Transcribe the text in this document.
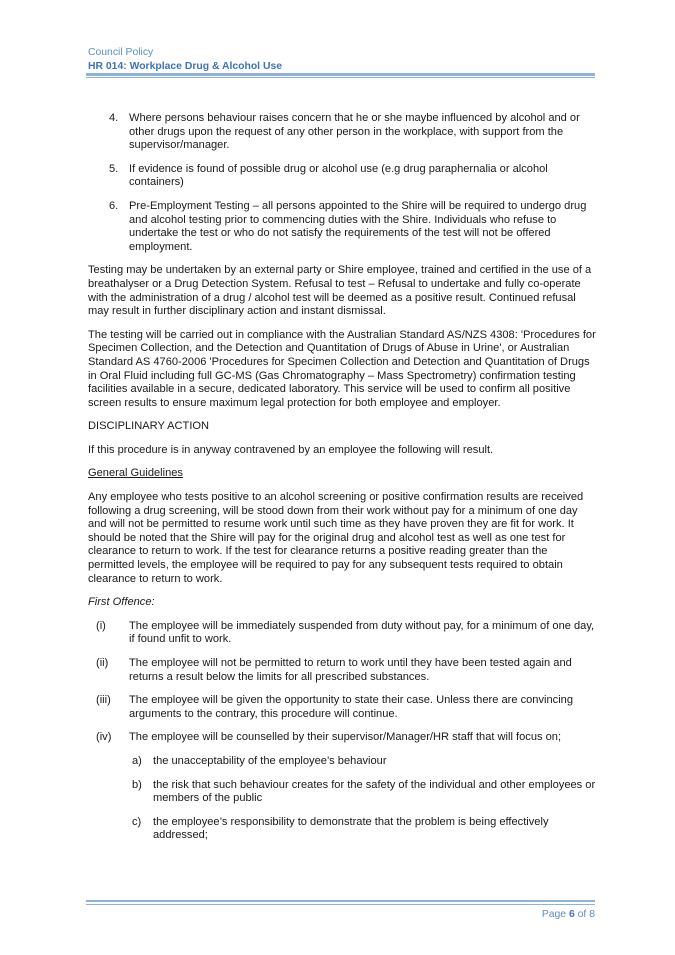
Council Policy
HR 014: Workplace Drug & Alcohol Use
4. Where persons behaviour raises concern that he or she maybe influenced by alcohol and or other drugs upon the request of any other person in the workplace, with support from the supervisor/manager.
5. If evidence is found of possible drug or alcohol use (e.g drug paraphernalia or alcohol containers)
6. Pre-Employment Testing – all persons appointed to the Shire will be required to undergo drug and alcohol testing prior to commencing duties with the Shire. Individuals who refuse to undertake the test or who do not satisfy the requirements of the test will not be offered employment.

Testing may be undertaken by an external party or Shire employee, trained and certified in the use of a breathalyser or a Drug Detection System. Refusal to test – Refusal to undertake and fully co-operate with the administration of a drug / alcohol test will be deemed as a positive result. Continued refusal may result in further disciplinary action and instant dismissal.

The testing will be carried out in compliance with the Australian Standard AS/NZS 4308: 'Procedures for Specimen Collection, and the Detection and Quantitation of Drugs of Abuse in Urine', or Australian Standard AS 4760-2006 'Procedures for Specimen Collection and Detection and Quantitation of Drugs in Oral Fluid including full GC-MS (Gas Chromatography – Mass Spectrometry) confirmation testing facilities available in a secure, dedicated laboratory. This service will be used to confirm all positive screen results to ensure maximum legal protection for both employee and employer.

DISCIPLINARY ACTION

If this procedure is in anyway contravened by an employee the following will result.

General Guidelines

Any employee who tests positive to an alcohol screening or positive confirmation results are received following a drug screening, will be stood down from their work without pay for a minimum of one day and will not be permitted to resume work until such time as they have proven they are fit for work. It should be noted that the Shire will pay for the original drug and alcohol test as well as one test for clearance to return to work. If the test for clearance returns a positive reading greater than the permitted levels, the employee will be required to pay for any subsequent tests required to obtain clearance to return to work.

First Offence:

(i) The employee will be immediately suspended from duty without pay, for a minimum of one day, if found unfit to work.
(ii) The employee will not be permitted to return to work until they have been tested again and returns a result below the limits for all prescribed substances.
(iii) The employee will be given the opportunity to state their case. Unless there are convincing arguments to the contrary, this procedure will continue.
(iv) The employee will be counselled by their supervisor/Manager/HR staff that will focus on;
a) the unacceptability of the employee’s behaviour
b) the risk that such behaviour creates for the safety of the individual and other employees or members of the public
c) the employee’s responsibility to demonstrate that the problem is being effectively addressed;
Page 6 of 8
